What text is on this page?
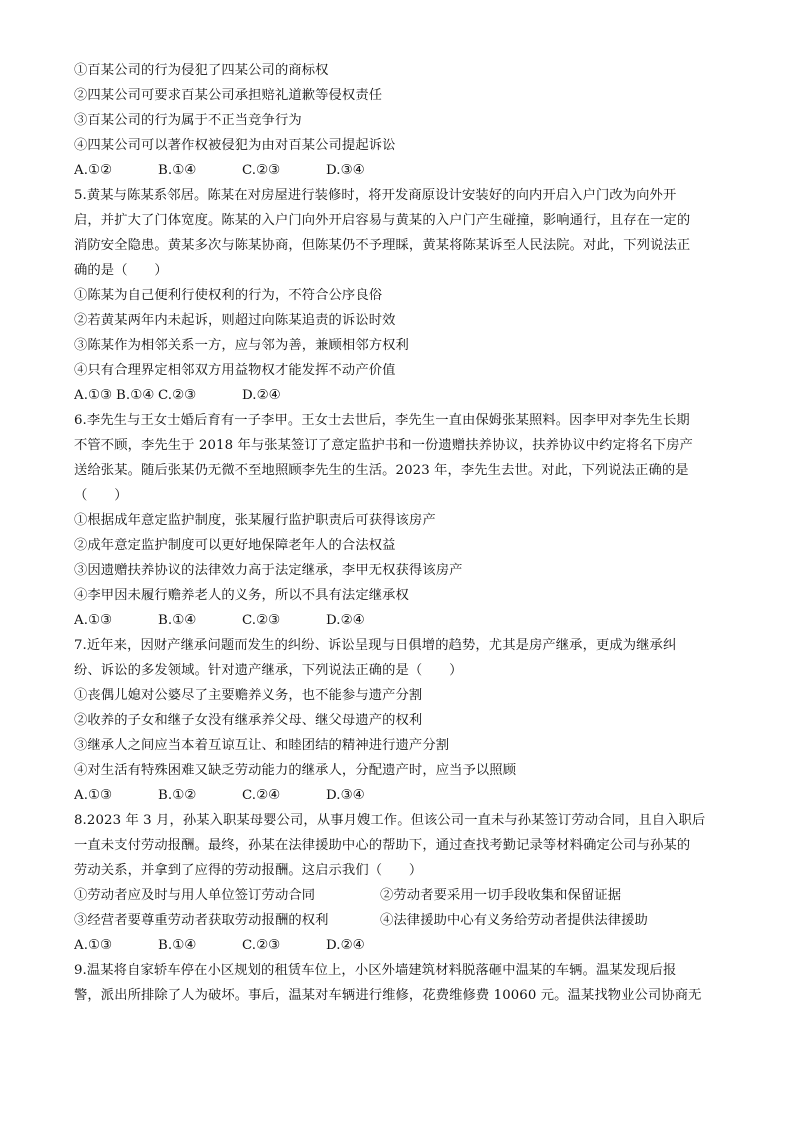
①百某公司的行为侵犯了四某公司的商标权
②四某公司可要求百某公司承担赔礼道歉等侵权责任
③百某公司的行为属于不正当竞争行为
④四某公司可以著作权被侵犯为由对百某公司提起诉讼
A.①②	B.①④	C.②③	D.③④
5.黄某与陈某系邻居。陈某在对房屋进行装修时，将开发商原设计安装好的向内开启入户门改为向外开
启，并扩大了门体宽度。陈某的入户门向外开启容易与黄某的入户门产生碰撞，影响通行，且存在一定的
消防安全隐患。黄某多次与陈某协商，但陈某仍不予理睬，黄某将陈某诉至人民法院。对此，下列说法正
确的是（　　）
①陈某为自己便利行使权利的行为，不符合公序良俗
②若黄某两年内未起诉，则超过向陈某追责的诉讼时效
③陈某作为相邻关系一方，应与邻为善，兼顾相邻方权利
④只有合理界定相邻双方用益物权才能发挥不动产价值
A.①③ B.①④ C.②③	D.②④
6.李先生与王女士婚后育有一子李甲。王女士去世后，李先生一直由保姆张某照料。因李甲对李先生长期
不管不顾，李先生于 2018 年与张某签订了意定监护书和一份遗赠扶养协议，扶养协议中约定将名下房产
送给张某。随后张某仍无微不至地照顾李先生的生活。2023 年，李先生去世。对此，下列说法正确的是
（　　）
①根据成年意定监护制度，张某履行监护职责后可获得该房产
②成年意定监护制度可以更好地保障老年人的合法权益
③因遗赠扶养协议的法律效力高于法定继承，李甲无权获得该房产
④李甲因未履行赡养老人的义务，所以不具有法定继承权
A.①③	B.①④	C.②③	D.②④
7.近年来，因财产继承问题而发生的纠纷、诉讼呈现与日俱增的趋势，尤其是房产继承，更成为继承纠
纷、诉讼的多发领域。针对遗产继承，下列说法正确的是（　　）
①丧偶儿媳对公婆尽了主要赡养义务，也不能参与遗产分割
②收养的子女和继子女没有继承养父母、继父母遗产的权利
③继承人之间应当本着互谅互让、和睦团结的精神进行遗产分割
④对生活有特殊困难又缺乏劳动能力的继承人，分配遗产时，应当予以照顾
A.①③	B.①②	C.②④	D.③④
8.2023 年 3 月，孙某入职某母婴公司，从事月嫂工作。但该公司一直未与孙某签订劳动合同，且自入职后
一直未支付劳动报酬。最终，孙某在法律援助中心的帮助下，通过查找考勤记录等材料确定公司与孙某的
劳动关系，并拿到了应得的劳动报酬。这启示我们（　　）
①劳动者应及时与用人单位签订劳动合同	②劳动者要采用一切手段收集和保留证据
③经营者要尊重劳动者获取劳动报酬的权利	④法律援助中心有义务给劳动者提供法律援助
A.①③	B.①④	C.②③	D.②④
9.温某将自家轿车停在小区规划的租赁车位上，小区外墙建筑材料脱落砸中温某的车辆。温某发现后报
警，派出所排除了人为破坏。事后，温某对车辆进行维修，花费维修费 10060 元。温某找物业公司协商无
